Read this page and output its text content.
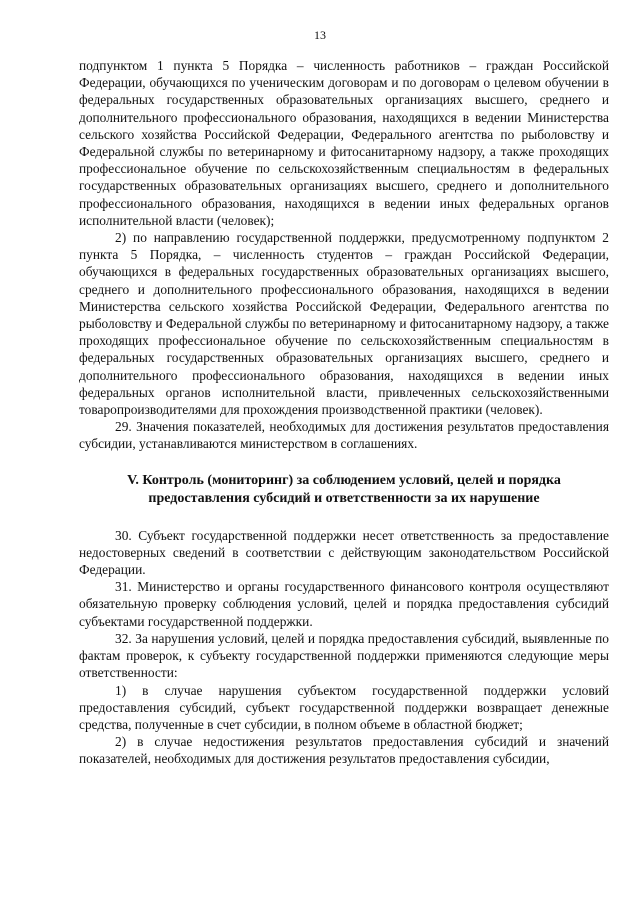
13

подпунктом 1 пункта 5 Порядка – численность работников – граждан Российской Федерации, обучающихся по ученическим договорам и по договорам о целевом обучении в федеральных государственных образовательных организациях высшего, среднего и дополнительного профессионального образования, находящихся в ведении Министерства сельского хозяйства Российской Федерации, Федерального агентства по рыболовству и Федеральной службы по ветеринарному и фитосанитарному надзору, а также проходящих профессиональное обучение по сельскохозяйственным специальностям в федеральных государственных образовательных организациях высшего, среднего и дополнительного профессионального образования, находящихся в ведении иных федеральных органов исполнительной власти (человек);

2) по направлению государственной поддержки, предусмотренному подпунктом 2 пункта 5 Порядка, – численность студентов – граждан Российской Федерации, обучающихся в федеральных государственных образовательных организациях высшего, среднего и дополнительного профессионального образования, находящихся в ведении Министерства сельского хозяйства Российской Федерации, Федерального агентства по рыболовству и Федеральной службы по ветеринарному и фитосанитарному надзору, а также проходящих профессиональное обучение по сельскохозяйственным специальностям в федеральных государственных образовательных организациях высшего, среднего и дополнительного профессионального образования, находящихся в ведении иных федеральных органов исполнительной власти, привлеченных сельскохозяйственными товаропроизводителями для прохождения производственной практики (человек).

29. Значения показателей, необходимых для достижения результатов предоставления субсидии, устанавливаются министерством в соглашениях.

V. Контроль (мониторинг) за соблюдением условий, целей и порядка
предоставления субсидий и ответственности за их нарушение

30. Субъект государственной поддержки несет ответственность за предоставление недостоверных сведений в соответствии с действующим законодательством Российской Федерации.

31. Министерство и органы государственного финансового контроля осуществляют обязательную проверку соблюдения условий, целей и порядка предоставления субсидий субъектами государственной поддержки.

32. За нарушения условий, целей и порядка предоставления субсидий, выявленные по фактам проверок, к субъекту государственной поддержки применяются следующие меры ответственности:

1) в случае нарушения субъектом государственной поддержки условий предоставления субсидий, субъект государственной поддержки возвращает денежные средства, полученные в счет субсидии, в полном объеме в областной бюджет;

2) в случае недостижения результатов предоставления субсидий и значений показателей, необходимых для достижения результатов предоставления субсидии,
